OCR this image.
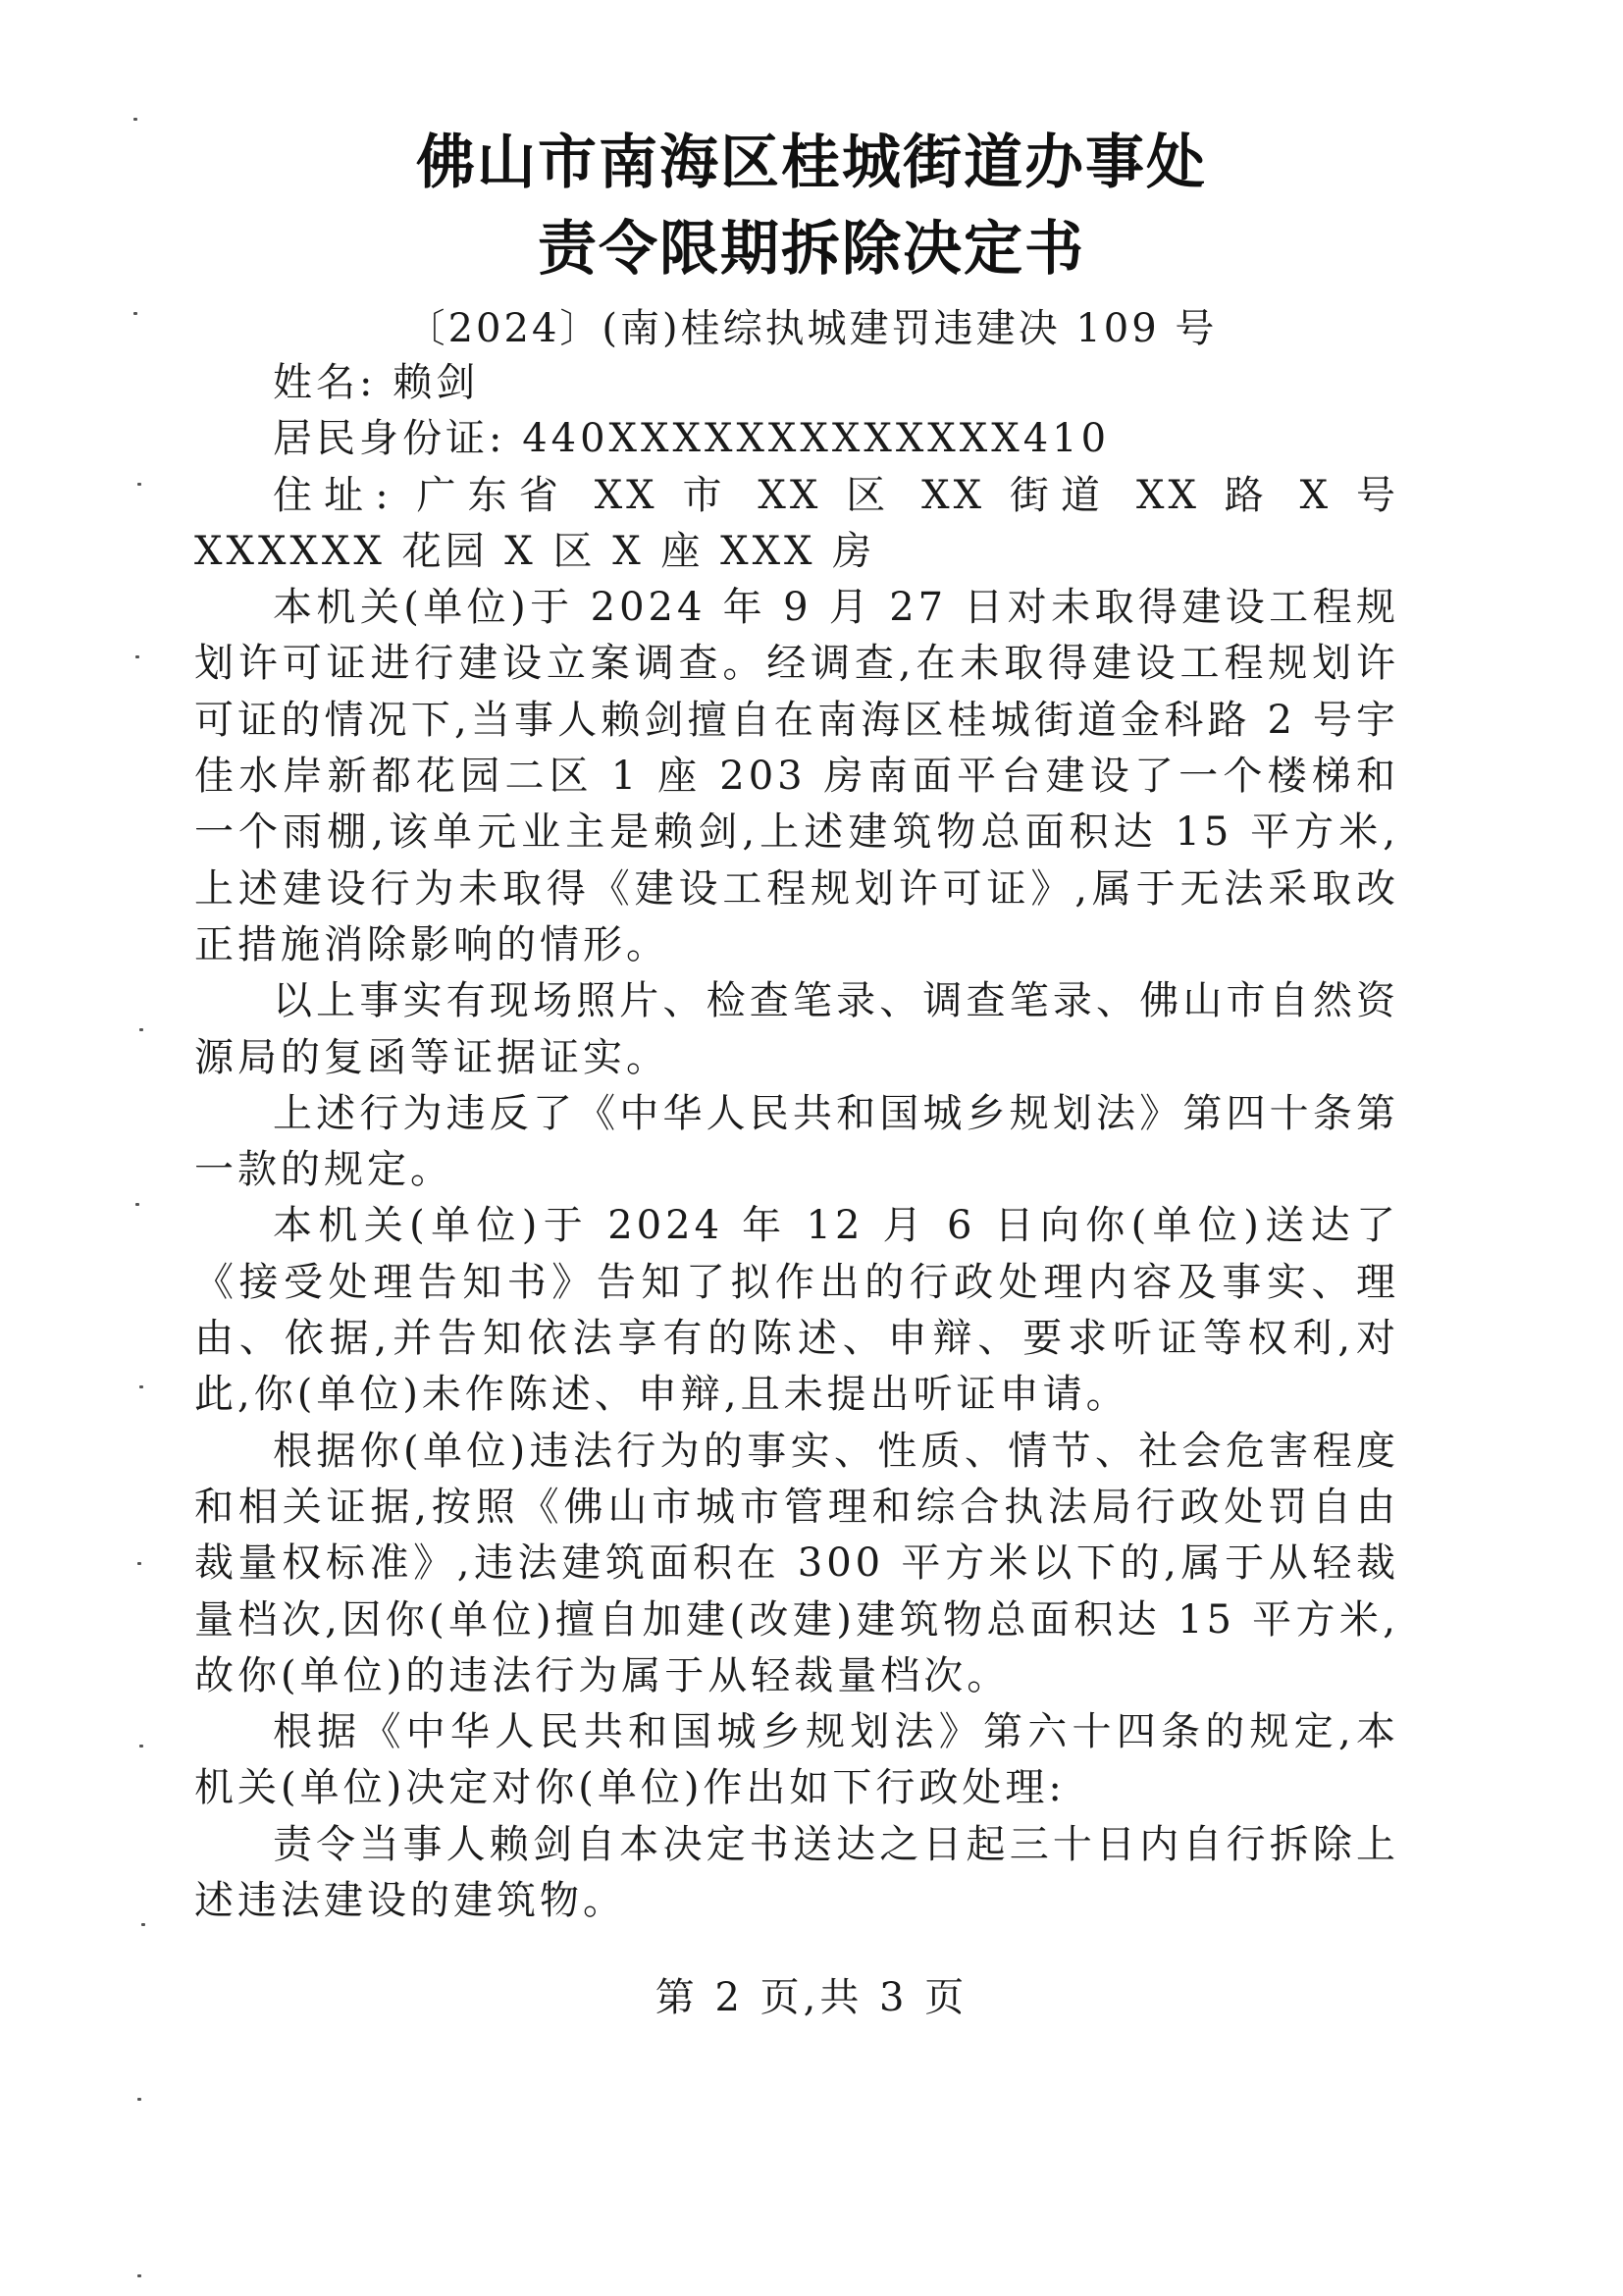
佛山市南海区桂城街道办事处
责令限期拆除决定书
〔2024〕(南)桂综执城建罚违建决 109 号

姓名: 赖剑

居民身份证: 440XXXXXXXXXXXXX410

住址: 广东省 XX 市 XX 区 XX 街道 XX 路 X 号 XXXXXX 花园 X 区 X 座 XXX 房

本机关(单位)于 2024 年 9 月 27 日对未取得建设工程规划许可证进行建设立案调查。经调查,在未取得建设工程规划许可证的情况下,当事人赖剑擅自在南海区桂城街道金科路 2 号宇佳水岸新都花园二区 1 座 203 房南面平台建设了一个楼梯和一个雨棚,该单元业主是赖剑,上述建筑物总面积达 15 平方米,上述建设行为未取得《建设工程规划许可证》,属于无法采取改正措施消除影响的情形。

以上事实有现场照片、检查笔录、调查笔录、佛山市自然资源局的复函等证据证实。

上述行为违反了《中华人民共和国城乡规划法》第四十条第一款的规定。

本机关(单位)于 2024 年 12 月 6 日向你(单位)送达了《接受处理告知书》告知了拟作出的行政处理内容及事实、理由、依据,并告知依法享有的陈述、申辩、要求听证等权利,对此,你(单位)未作陈述、申辩,且未提出听证申请。

根据你(单位)违法行为的事实、性质、情节、社会危害程度和相关证据,按照《佛山市城市管理和综合执法局行政处罚自由裁量权标准》,违法建筑面积在 300 平方米以下的,属于从轻裁量档次,因你(单位)擅自加建(改建)建筑物总面积达 15 平方米,故你(单位)的违法行为属于从轻裁量档次。

根据《中华人民共和国城乡规划法》第六十四条的规定,本机关(单位)决定对你(单位)作出如下行政处理:

责令当事人赖剑自本决定书送达之日起三十日内自行拆除上述违法建设的建筑物。

第 2 页,共 3 页
